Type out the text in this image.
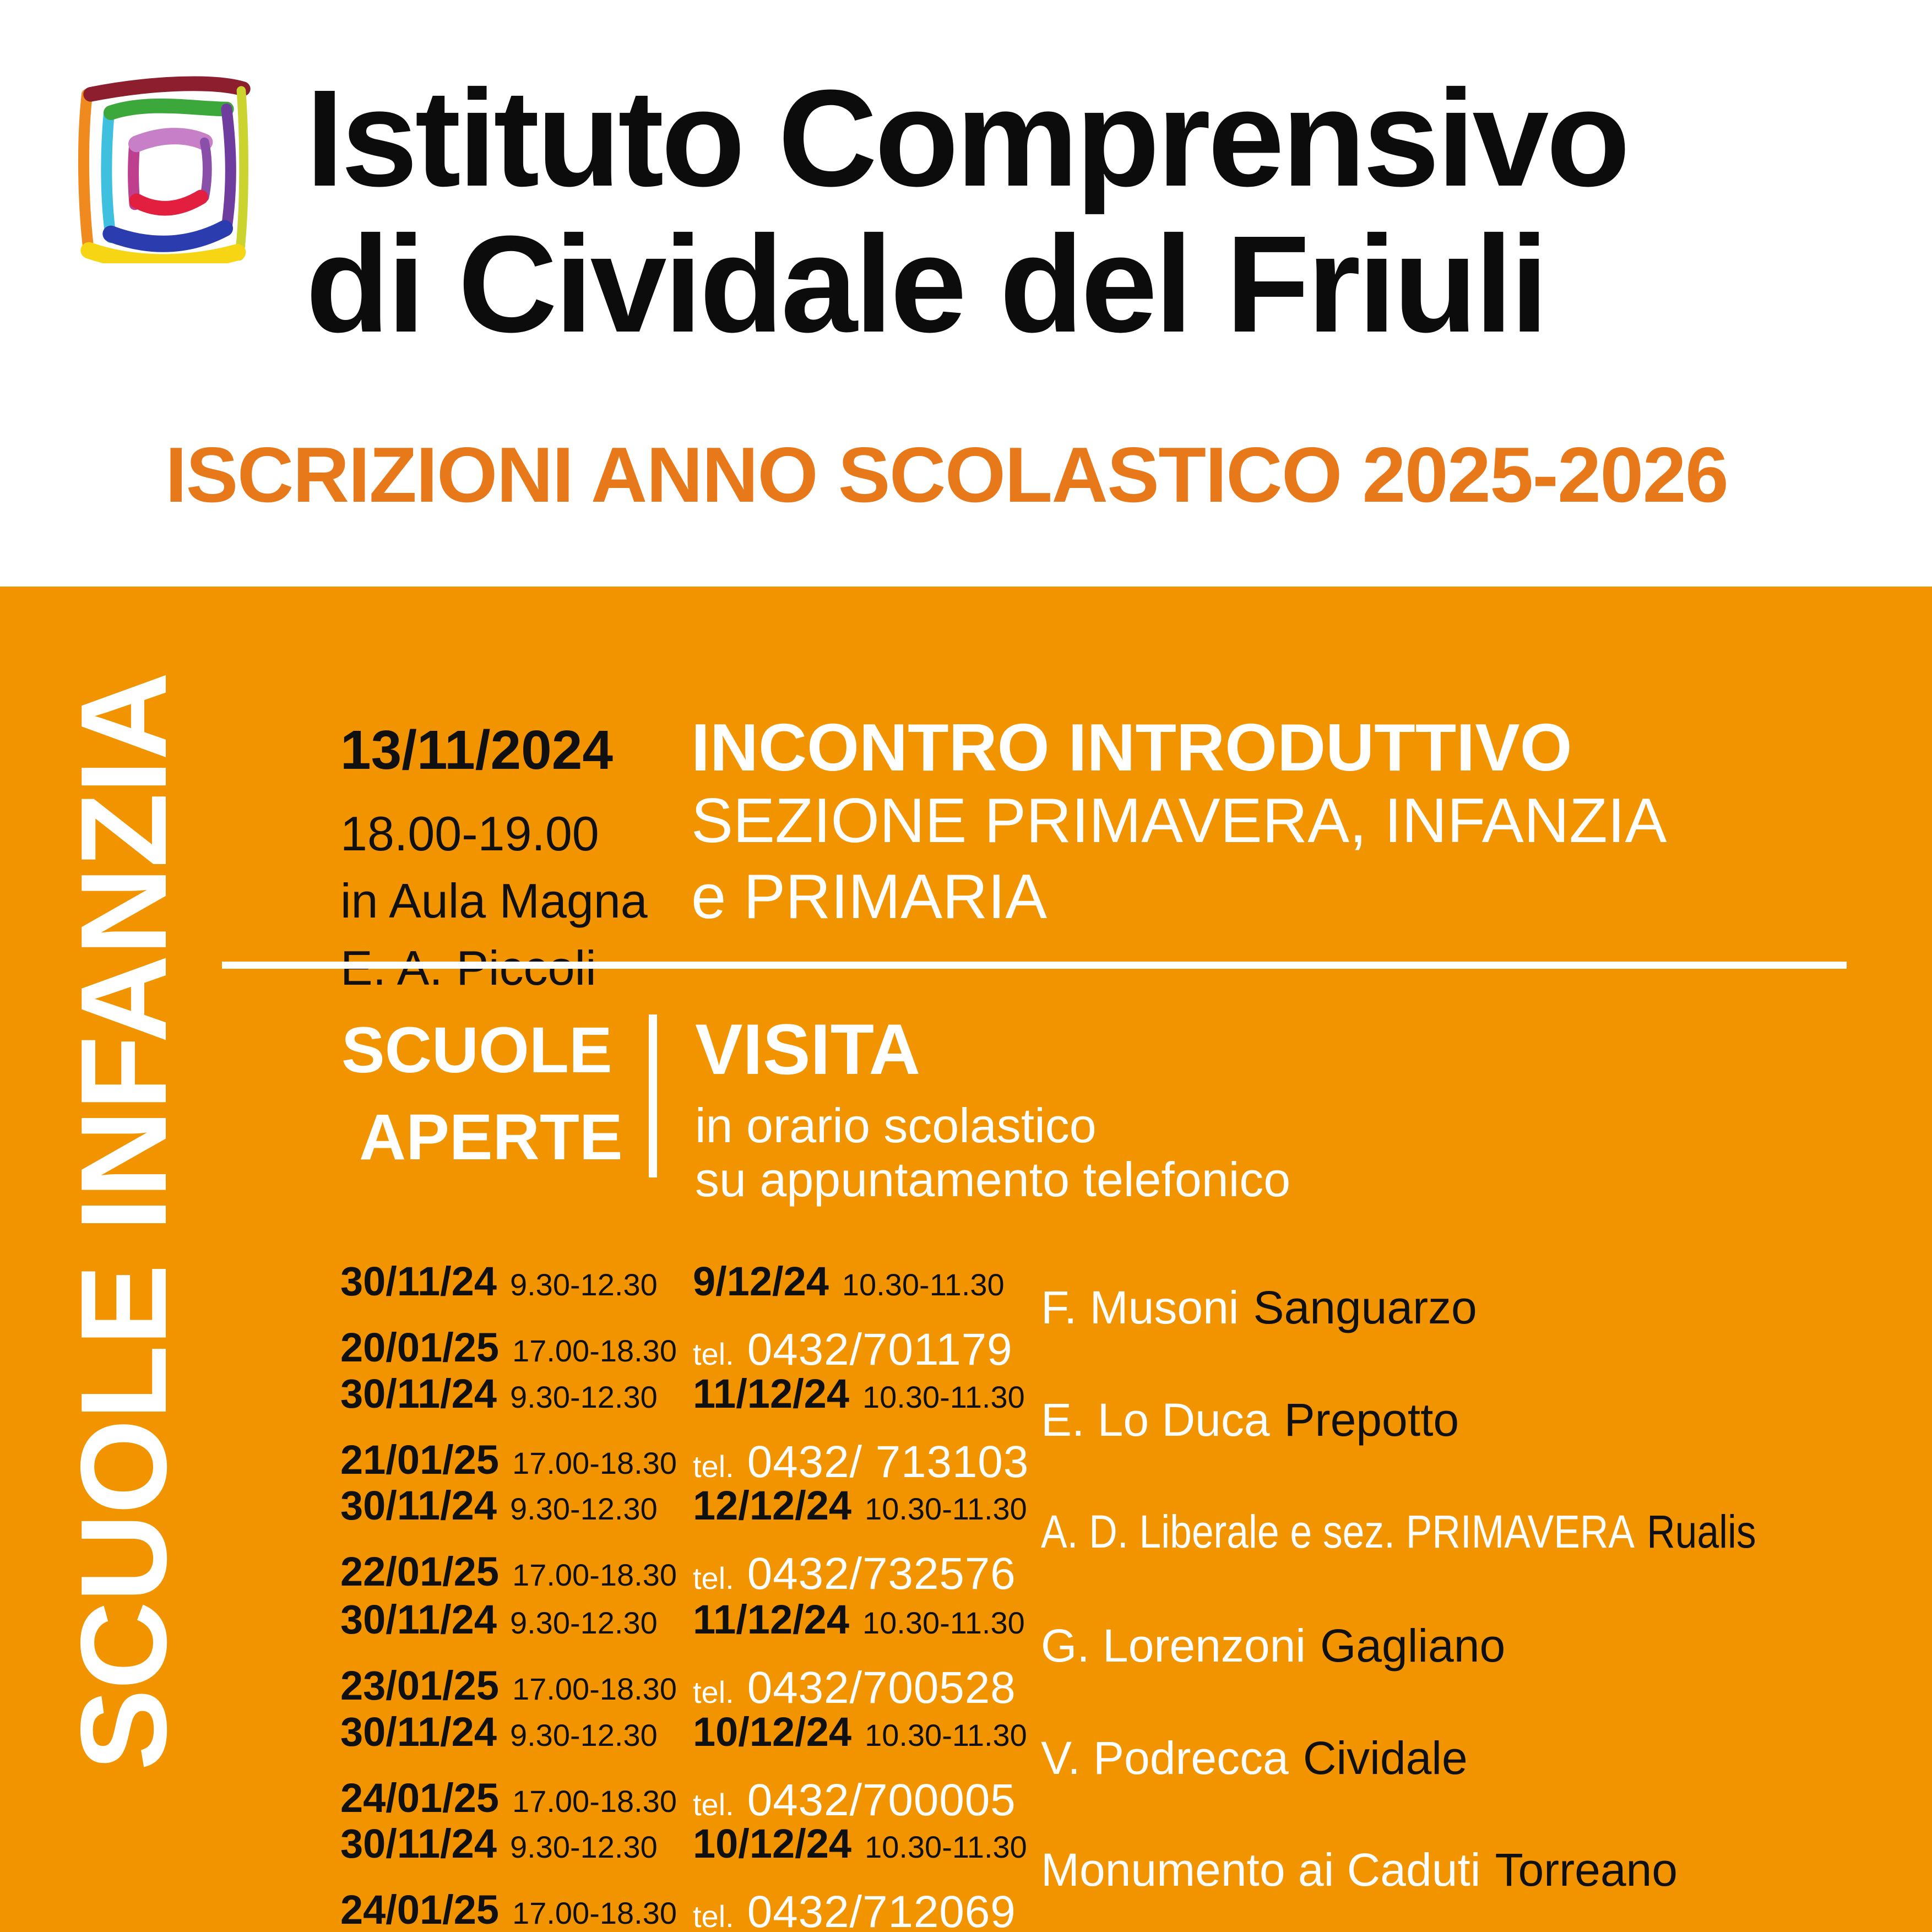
Istituto Comprensivo
di Cividale del Friuli
ISCRIZIONI ANNO SCOLASTICO 2025-2026
SCUOLE INFANZIA	13/11/2024
18.00-19.00
in Aula Magna
INCONTRO INTRODUTTIVO
SEZIONE PRIMAVERA, INFANZIA
e PRIMARIA
SCUOLE
APERTE
VISITA
in orario scolastico
su appuntamento telefonico
30/11/24 9.30-12.30
20/01/25 17.00-18.30
9/12/24 10.30-11.30
tel. 0432/701179
F. Musoni Sanguarzo
30/11/24 9.30-12.30
21/01/25 17.00-18.30
11/12/24 10.30-11.30
tel. 0432/ 713103
E. Lo Duca Prepotto
30/11/24 9.30-12.30
22/01/25 17.00-18.30
12/12/24 10.30-11.30
tel. 0432/732576
A. D. Liberale e sez. PRIMAVERA Rualis
30/11/24 9.30-12.30
23/01/25 17.00-18.30
11/12/24 10.30-11.30
tel. 0432/700528
G. Lorenzoni Gagliano
30/11/24 9.30-12.30
24/01/25 17.00-18.30
10/12/24 10.30-11.30
tel. 0432/700005
V. Podrecca Cividale
30/11/24 9.30-12.30
24/01/25 17.00-18.30
10/12/24 10.30-11.30
tel. 0432/712069
Monumento ai Caduti Torreano
